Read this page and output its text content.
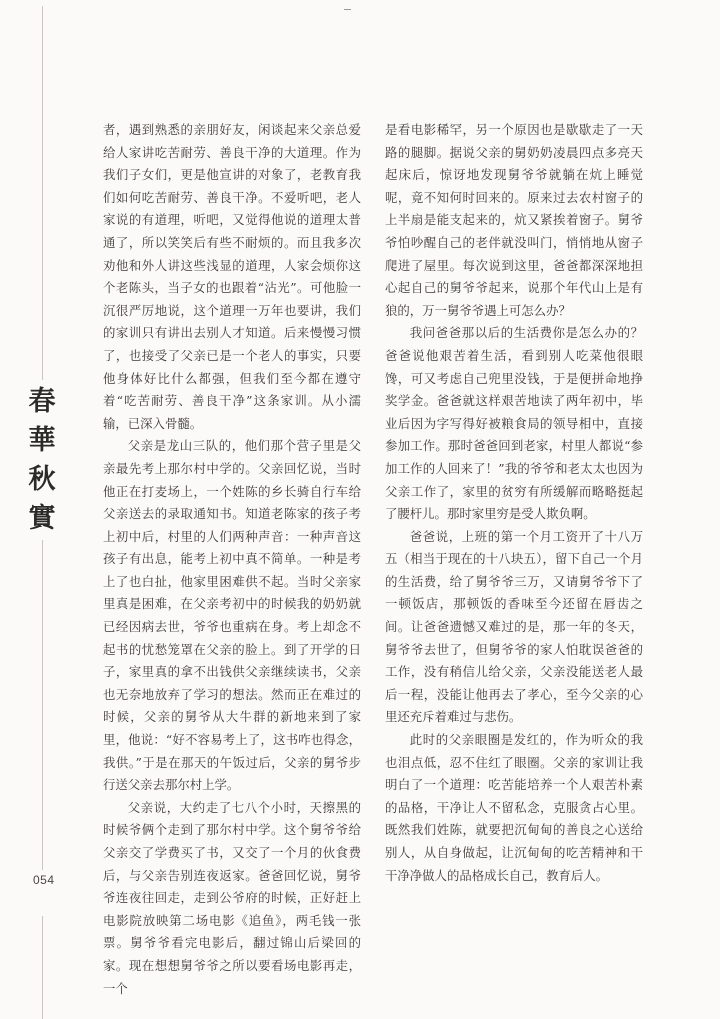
春
華
秋
實
054

者，遇到熟悉的亲朋好友，闲谈起来父亲总爱给人家讲吃苦耐劳、善良干净的大道理。作为我们子女们，更是他宣讲的对象了，老教育我们如何吃苦耐劳、善良干净。不爱听吧，老人家说的有道理，听吧，又觉得他说的道理太普通了，所以笑笑后有些不耐烦的。而且我多次劝他和外人讲这些浅显的道理，人家会烦你这个老陈头，当子女的也跟着“沾光”。可他脸一沉很严厉地说，这个道理一万年也要讲，我们的家训只有讲出去别人才知道。后来慢慢习惯了，也接受了父亲已是一个老人的事实，只要他身体好比什么都强，但我们至今都在遵守着“吃苦耐劳、善良干净”这条家训。从小濡输，已深入骨髓。

父亲是龙山三队的，他们那个营子里是父亲最先考上那尔村中学的。父亲回忆说，当时他正在打麦场上，一个姓陈的乡长骑自行车给父亲送去的录取通知书。知道老陈家的孩子考上初中后，村里的人们两种声音：一种声音这孩子有出息，能考上初中真不简单。一种是考上了也白扯，他家里困难供不起。当时父亲家里真是困难，在父亲考初中的时候我的奶奶就已经因病去世，爷爷也重病在身。考上却念不起书的忧愁笼罩在父亲的脸上。到了开学的日子，家里真的拿不出钱供父亲继续读书，父亲也无奈地放弃了学习的想法。然而正在难过的时候，父亲的舅爷从大牛群的新地来到了家里，他说：“好不容易考上了，这书咋也得念，我供。”于是在那天的午饭过后，父亲的舅爷步行送父亲去那尔村上学。

父亲说，大约走了七八个小时，天擦黑的时候爷俩个走到了那尔村中学。这个舅爷爷给父亲交了学费买了书，又交了一个月的伙食费后，与父亲告别连夜返家。爸爸回忆说，舅爷爷连夜往回走，走到公爷府的时候，正好赶上电影院放映第二场电影《追鱼》，两毛钱一张票。舅爷爷看完电影后，翻过锦山后梁回的家。现在想想舅爷爷之所以要看场电影再走，一个

是看电影稀罕，另一个原因也是歇歇走了一天路的腿脚。据说父亲的舅奶奶凌晨四点多亮天起床后，惊讶地发现舅爷爷就躺在炕上睡觉呢，竟不知何时回来的。原来过去农村窗子的上半扇是能支起来的，炕又紧挨着窗子。舅爷爷怕吵醒自己的老伴就没叫门，悄悄地从窗子爬进了屋里。每次说到这里，爸爸都深深地担心起自己的舅爷爷起来，说那个年代山上是有狼的，万一舅爷爷遇上可怎么办？

我问爸爸那以后的生活费你是怎么办的？爸爸说他艰苦着生活，看到别人吃菜他很眼馋，可又考虑自己兜里没钱，于是便拼命地挣奖学金。爸爸就这样艰苦地读了两年初中，毕业后因为字写得好被粮食局的领导相中，直接参加工作。那时爸爸回到老家，村里人都说“参加工作的人回来了！”我的爷爷和老太太也因为父亲工作了，家里的贫穷有所缓解而略略挺起了腰杆儿。那时家里穷是受人欺负啊。

爸爸说，上班的第一个月工资开了十八万五（相当于现在的十八块五），留下自己一个月的生活费，给了舅爷爷三万，又请舅爷爷下了一顿饭店，那顿饭的香味至今还留在唇齿之间。让爸爸遗憾又难过的是，那一年的冬天，舅爷爷去世了，但舅爷爷的家人怕耽误爸爸的工作，没有稍信儿给父亲，父亲没能送老人最后一程，没能让他再去了孝心，至今父亲的心里还充斥着难过与悲伤。

此时的父亲眼圈是发红的，作为听众的我也泪点低，忍不住红了眼圈。父亲的家训让我明白了一个道理：吃苦能培养一个人艰苦朴素的品格，干净让人不留私念，克服贪占心里。既然我们姓陈，就要把沉甸甸的善良之心送给别人，从自身做起，让沉甸甸的吃苦精神和干干净净做人的品格成长自己，教育后人。
